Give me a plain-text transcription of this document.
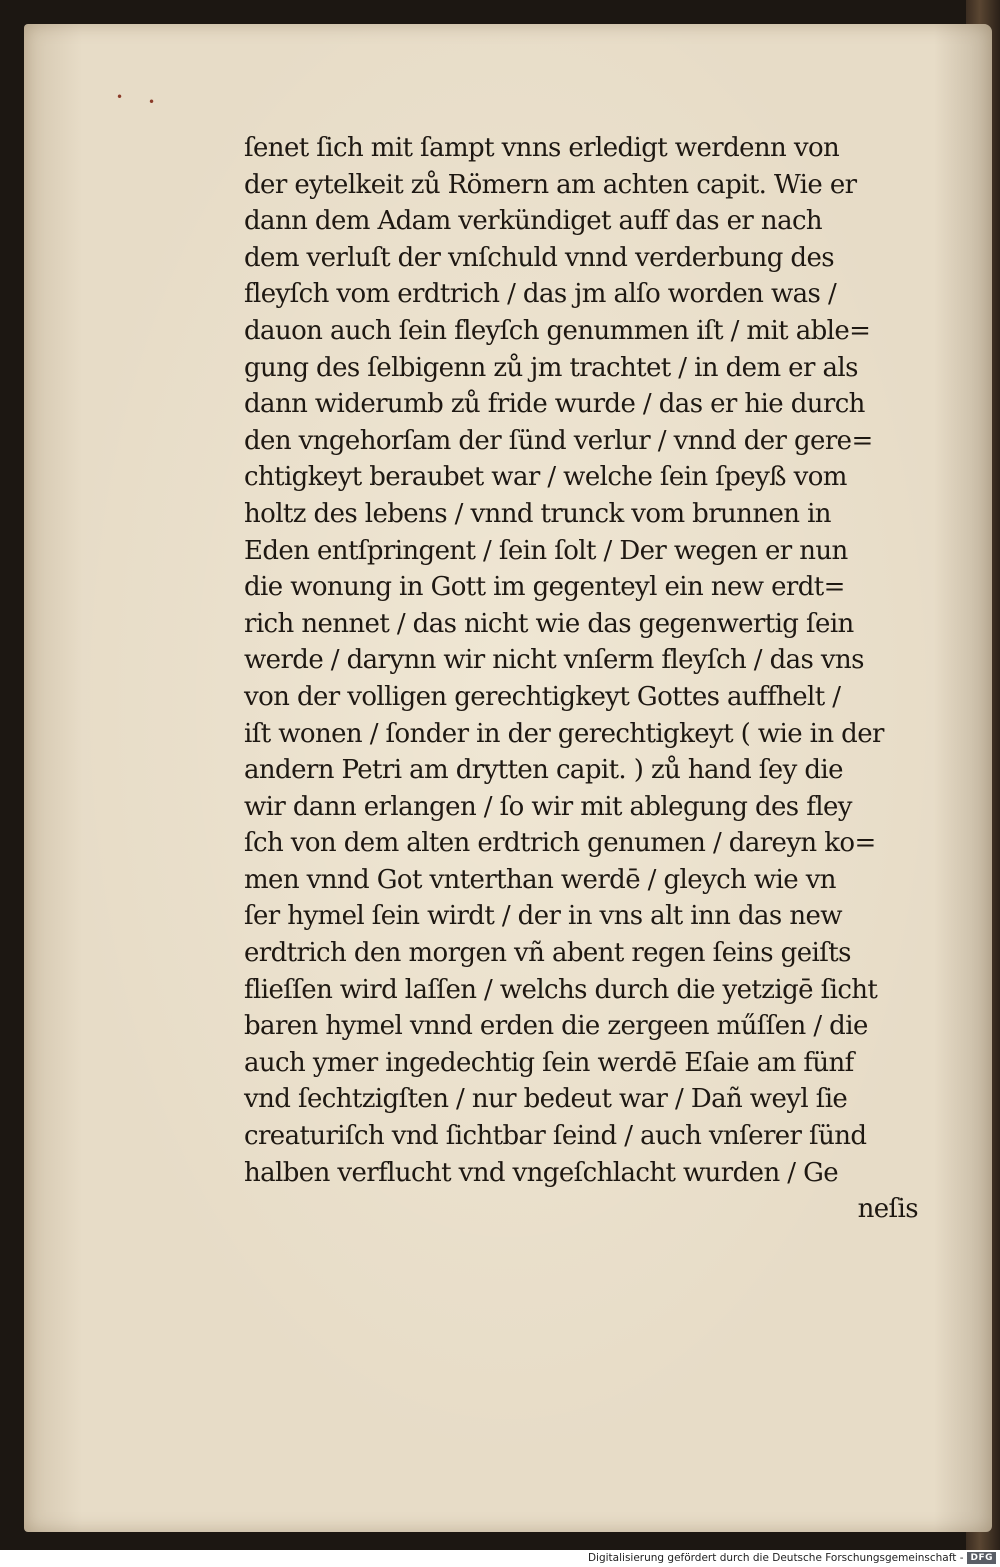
• •
ſenet ſich mit ſampt vnns erledigt werdenn von
der eytelkeit zů Römern am achten capit. Wie er
dann dem Adam verkündiget auff das er nach
dem verluſt der vnſchuld vnnd verderbung des
fleyſch vom erdtrich / das jm alſo worden was /
dauon auch ſein fleyſch genummen iſt / mit able=
gung des ſelbigenn zů jm trachtet / in dem er als
dann widerumb zů fride wurde / das er hie durch
den vngehorſam der ſünd verlur / vnnd der gere=
chtigkeyt beraubet war / welche ſein ſpeyß vom
holtz des lebens / vnnd trunck vom brunnen in
Eden entſpringent / ſein ſolt / Der wegen er nun
die wonung in Gott im gegenteyl ein new erdt=
rich nennet / das nicht wie das gegenwertig ſein
werde / darynn wir nicht vnſerm fleyſch / das vns
von der volligen gerechtigkeyt Gottes auffhelt /
iſt wonen / ſonder in der gerechtigkeyt ( wie in der
andern Petri am drytten capit. ) zů hand ſey die
wir dann erlangen / ſo wir mit ablegung des fley
ſch von dem alten erdtrich genumen / dareyn ko=
men vnnd Got vnterthan werdē / gleych wie vn
ſer hymel ſein wirdt / der in vns alt inn das new
erdtrich den morgen vñ abent regen ſeins geiſts
flieſſen wird laſſen / welchs durch die yetzigē ſicht
baren hymel vnnd erden die zergeen műſſen / die
auch ymer ingedechtig ſein werdē Eſaie am fünf
vnd ſechtzigſten / nur bedeut war / Dañ weyl ſie
creaturiſch vnd ſichtbar ſeind / auch vnſerer ſünd
halben verflucht vnd vngeſchlacht wurden / Ge
neſis
Digitalisierung gefördert durch die Deutsche Forschungsgemeinschaft - DFG
